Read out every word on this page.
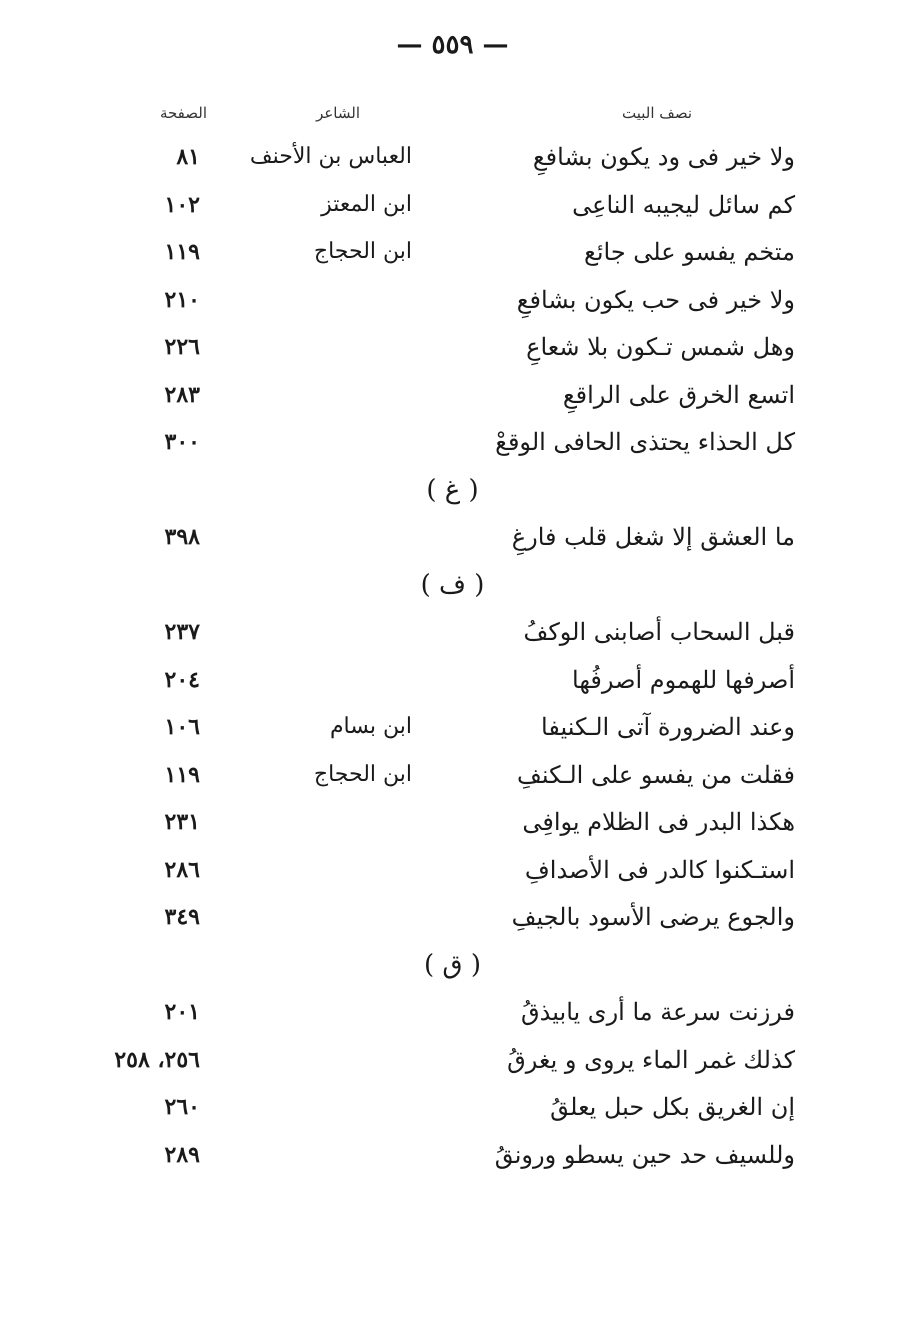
— ٥٥٩ —
نصف البيت
الشاعر
الصفحة
ولا خير فى ود يكون بشافعِ
العباس بن الأحنف
٨١
كم سائل ليجيبه الناعِى
ابن المعتز
١٠٢
متخم يفسو على جائع
ابن الحجاج
١١٩
ولا خير فى حب يكون بشافعِ
٢١٠
وهل شمس تـكون بلا شعاعِ
٢٢٦
اتسع الخرق على الراقعِ
٢٨٣
كل الحذاء يحتذى الحافى الوقعْ
٣٠٠
( غ )
ما العشق إلا شغل قلب فارغِ
٣٩٨
( ف )
قبل السحاب أصابنى الوكفُ
٢٣٧
أصرفها للهموم أصرفُها
٢٠٤
وعند الضرورة آتى الـكنيفا
ابن بسام
١٠٦
فقلت من يفسو على الـكنفِ
ابن الحجاج
١١٩
هكذا البدر فى الظلام يوافِى
٢٣١
استـكنوا كالدر فى الأصدافِ
٢٨٦
والجوع يرضى الأسود بالجيفِ
٣٤٩
( ق )
فرزنت سرعة ما أرى يابيذقُ
٢٠١
كذلك غمر الماء يروى و يغرقُ
٢٥٦، ٢٥٨
إن الغريق بكل حبل يعلقُ
٢٦٠
وللسيف حد حين يسطو ورونقُ
٢٨٩
